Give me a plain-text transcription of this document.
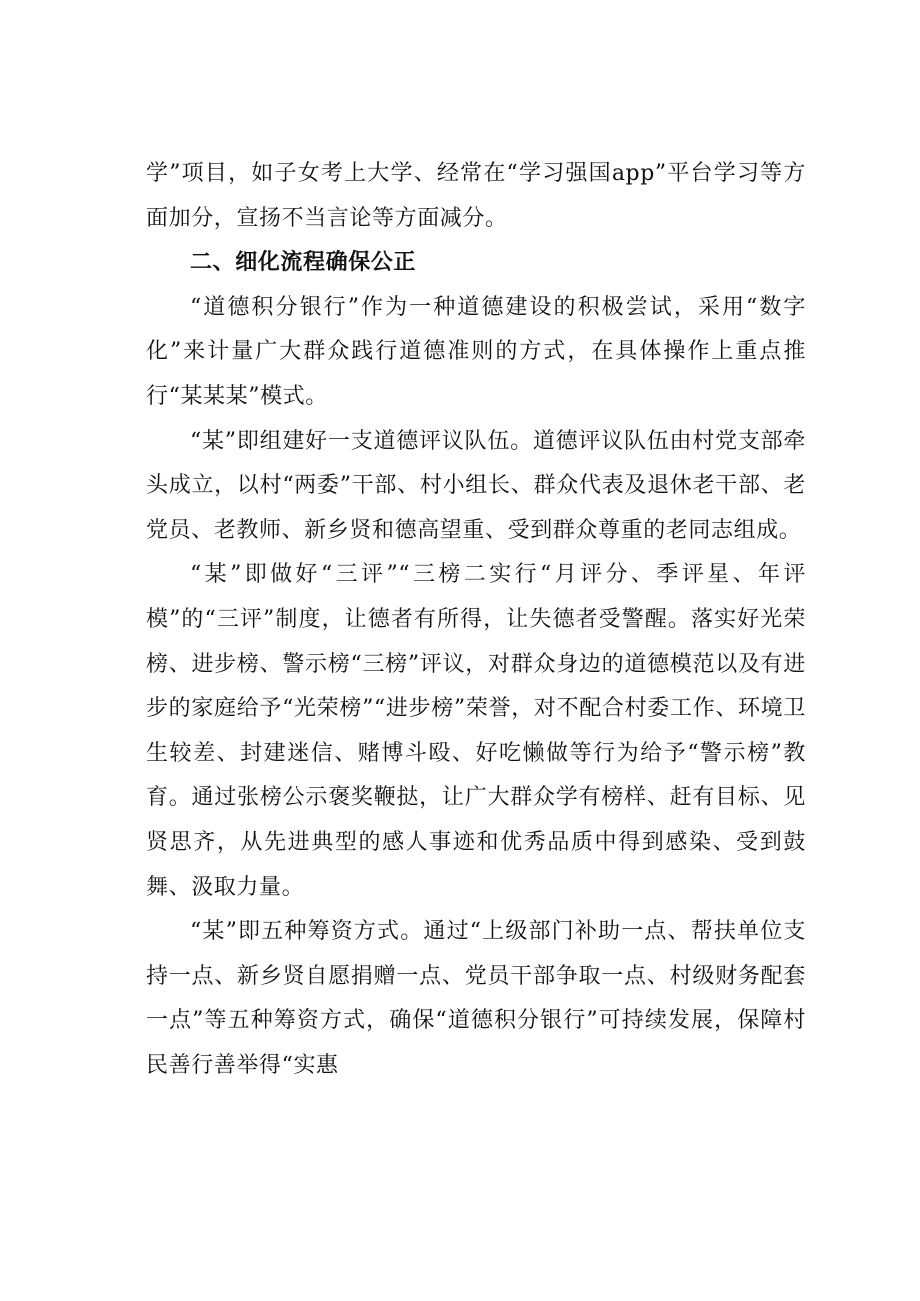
学”项目，如子女考上大学、经常在“学习强国app”平台学习等方面加分，宣扬不当言论等方面减分。

二、细化流程确保公正

“道德积分银行”作为一种道德建设的积极尝试，采用“数字化”来计量广大群众践行道德准则的方式，在具体操作上重点推行“某某某”模式。

“某”即组建好一支道德评议队伍。道德评议队伍由村党支部牵头成立，以村“两委”干部、村小组长、群众代表及退休老干部、老党员、老教师、新乡贤和德高望重、受到群众尊重的老同志组成。

“某”即做好“三评”“三榜二实行“月评分、季评星、年评模”的“三评”制度，让德者有所得，让失德者受警醒。落实好光荣榜、进步榜、警示榜“三榜”评议，对群众身边的道德模范以及有进步的家庭给予“光荣榜”“进步榜”荣誉，对不配合村委工作、环境卫生较差、封建迷信、赌博斗殴、好吃懒做等行为给予“警示榜”教育。通过张榜公示褒奖鞭挞，让广大群众学有榜样、赶有目标、见贤思齐，从先进典型的感人事迹和优秀品质中得到感染、受到鼓舞、汲取力量。

“某”即五种筹资方式。通过“上级部门补助一点、帮扶单位支持一点、新乡贤自愿捐赠一点、党员干部争取一点、村级财务配套一点”等五种筹资方式，确保“道德积分银行”可持续发展，保障村民善行善举得“实惠
